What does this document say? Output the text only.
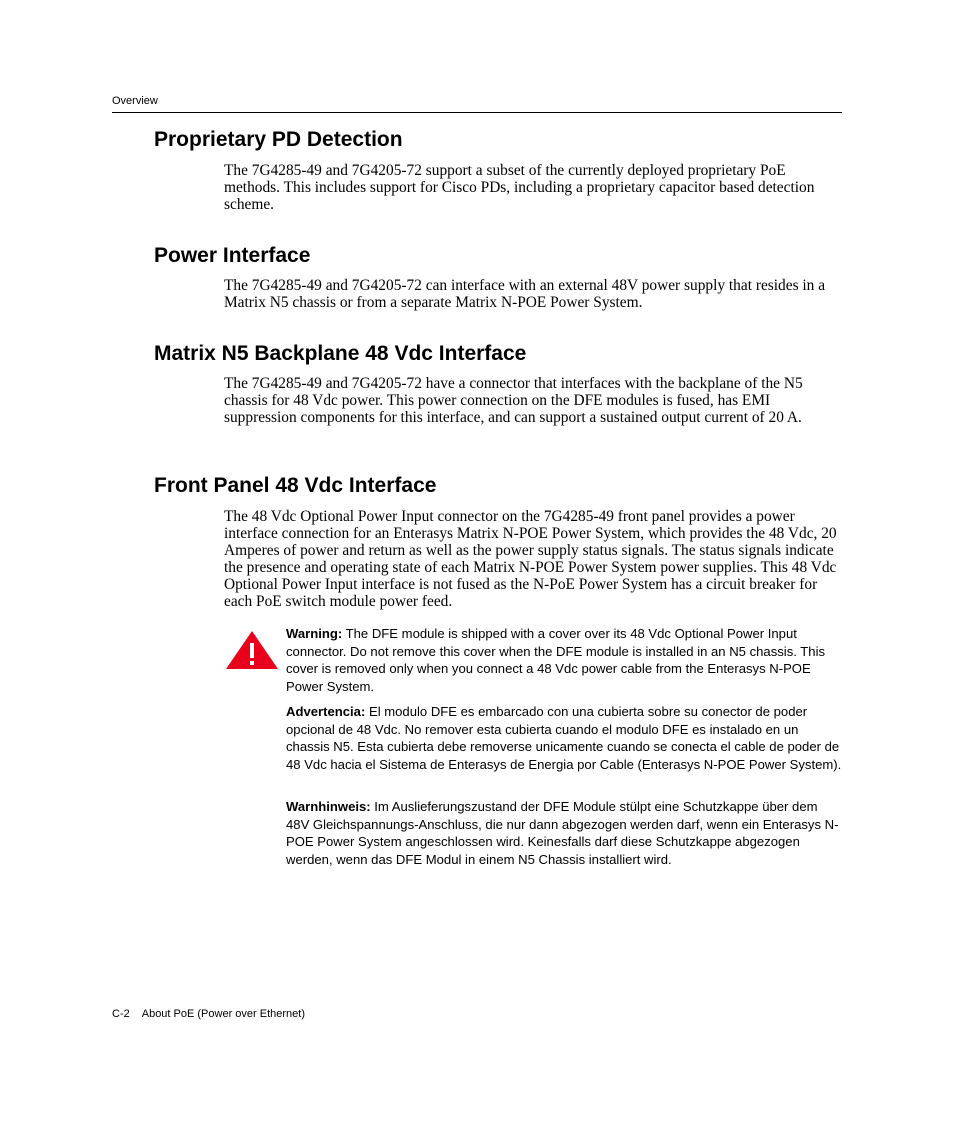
Overview
Proprietary PD Detection

The 7G4285-49 and 7G4205-72 support a subset of the currently deployed proprietary PoE methods. This includes support for Cisco PDs, including a proprietary capacitor based detection scheme.

Power Interface

The 7G4285-49 and 7G4205-72 can interface with an external 48V power supply that resides in a Matrix N5 chassis or from a separate Matrix N-POE Power System.

Matrix N5 Backplane 48 Vdc Interface

The 7G4285-49 and 7G4205-72 have a connector that interfaces with the backplane of the N5 chassis for 48 Vdc power. This power connection on the DFE modules is fused, has EMI suppression components for this interface, and can support a sustained output current of 20 A.

Front Panel 48 Vdc Interface

The 48 Vdc Optional Power Input connector on the 7G4285-49 front panel provides a power interface connection for an Enterasys Matrix N-POE Power System, which provides the 48 Vdc, 20 Amperes of power and return as well as the power supply status signals. The status signals indicate the presence and operating state of each Matrix N-POE Power System power supplies. This 48 Vdc Optional Power Input interface is not fused as the N-PoE Power System has a circuit breaker for each PoE switch module power feed.

Warning: The DFE module is shipped with a cover over its 48 Vdc Optional Power Input connector. Do not remove this cover when the DFE module is installed in an N5 chassis. This cover is removed only when you connect a 48 Vdc power cable from the Enterasys N-POE Power System.

Advertencia: El modulo DFE es embarcado con una cubierta sobre su conector de poder opcional de 48 Vdc. No remover esta cubierta cuando el modulo DFE es instalado en un chassis N5. Esta cubierta debe removerse unicamente cuando se conecta el cable de poder de 48 Vdc hacia el Sistema de Enterasys de Energia por Cable (Enterasys N-POE Power System).

Warnhinweis: Im Auslieferungszustand der DFE Module stülpt eine Schutzkappe über dem 48V Gleichspannungs-Anschluss, die nur dann abgezogen werden darf, wenn ein Enterasys N-POE Power System angeschlossen wird. Keinesfalls darf diese Schutzkappe abgezogen werden, wenn das DFE Modul in einem N5 Chassis installiert wird.

C-2 About PoE (Power over Ethernet)
